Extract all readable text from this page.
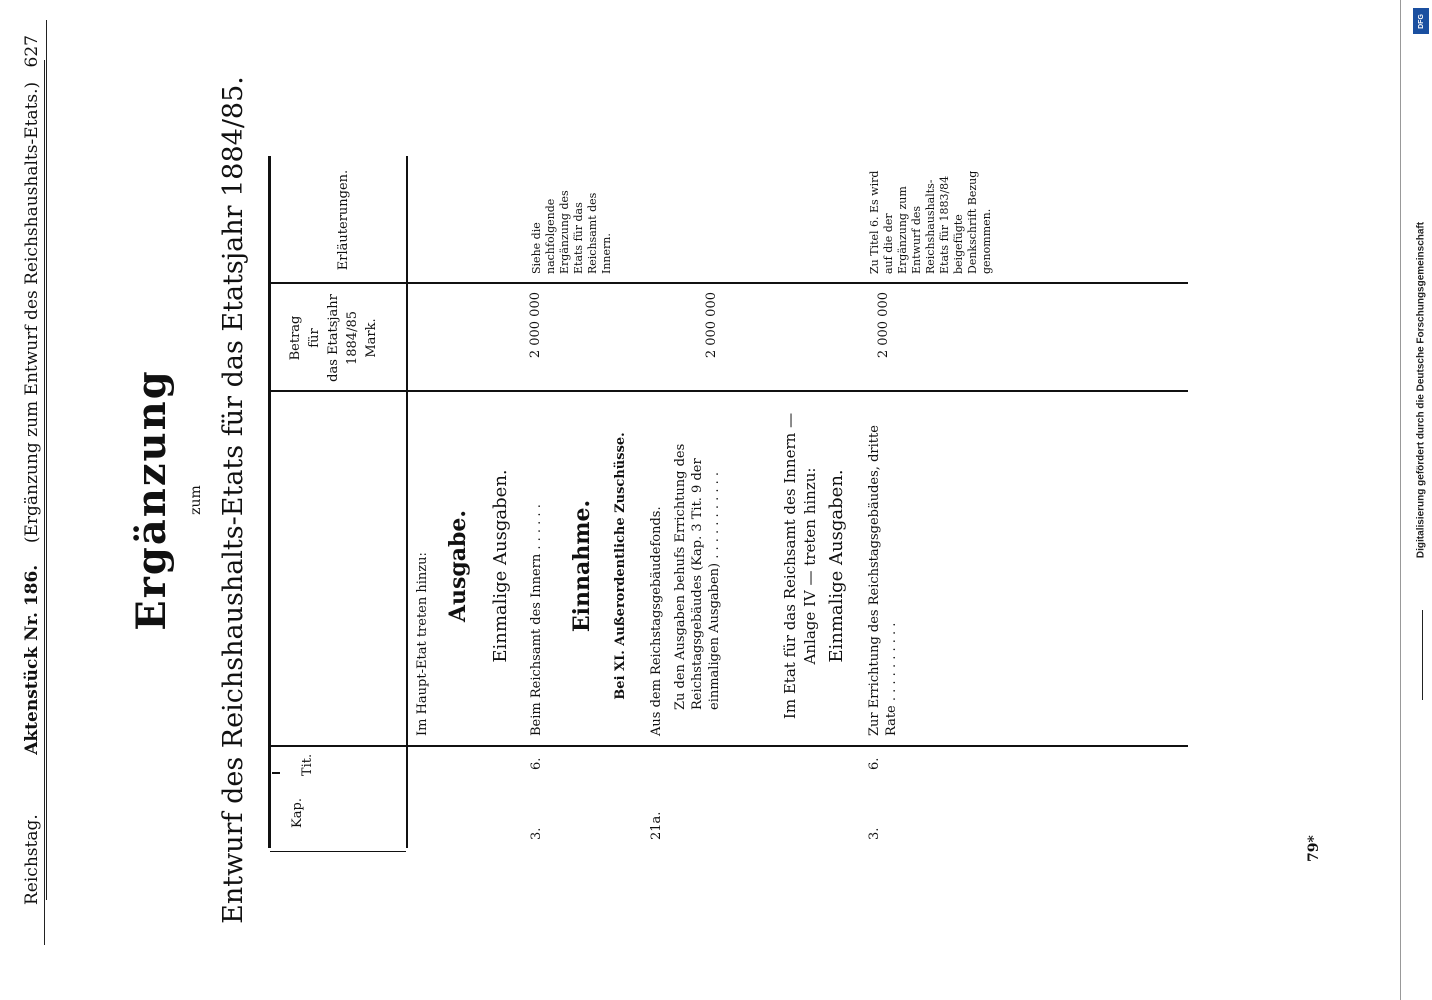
Reichstag.           Aktenstück Nr. 186.    (Ergänzung zum Entwurf des Reichshaushalts-Etats.)
627
Ergänzung zum Entwurf des Reichshaushalts-Etats für das Etatsjahr 1884/85.	Kap.
Tit.
Betrag für das Etatsjahr 1884/85 Mark.
Erläuterungen.
Im Haupt-Etat treten hinzu: Ausgabe. Einmalige Ausgaben.
3.
6.
Beim Reichsamt des Innern . . . . . .
2 000 000
Siehe die nachfolgende Ergänzung des Etats für das Reichsamt des Innern.
Einnahme. Bei XI. Außerordentliche Zuschüsse.
21a.
Aus dem Reichstagsgebäudefonds. Zu den Ausgaben behufs Errichtung des Reichstagsgebäudes (Kap. 3 Tit. 9 der einmaligen Ausgaben) . . . . . . . . . . .
2 000 000
Im Etat für das Reichsamt des Innern — Anlage IV — treten hinzu: Einmalige Ausgaben.
3.
6.
Zur Errichtung des Reichstagsgebäudes, dritte Rate . . . . . . . . . .
2 000 000
Zu Titel 6. Es wird auf die der Ergänzung zum Entwurf des Reichshaushalts-Etats für 1883/84 beigefügte Denkschrift Bezug genommen.
79*
Digitalisierung gefördert durch die Deutsche Forschungsgemeinschaft
DFG
